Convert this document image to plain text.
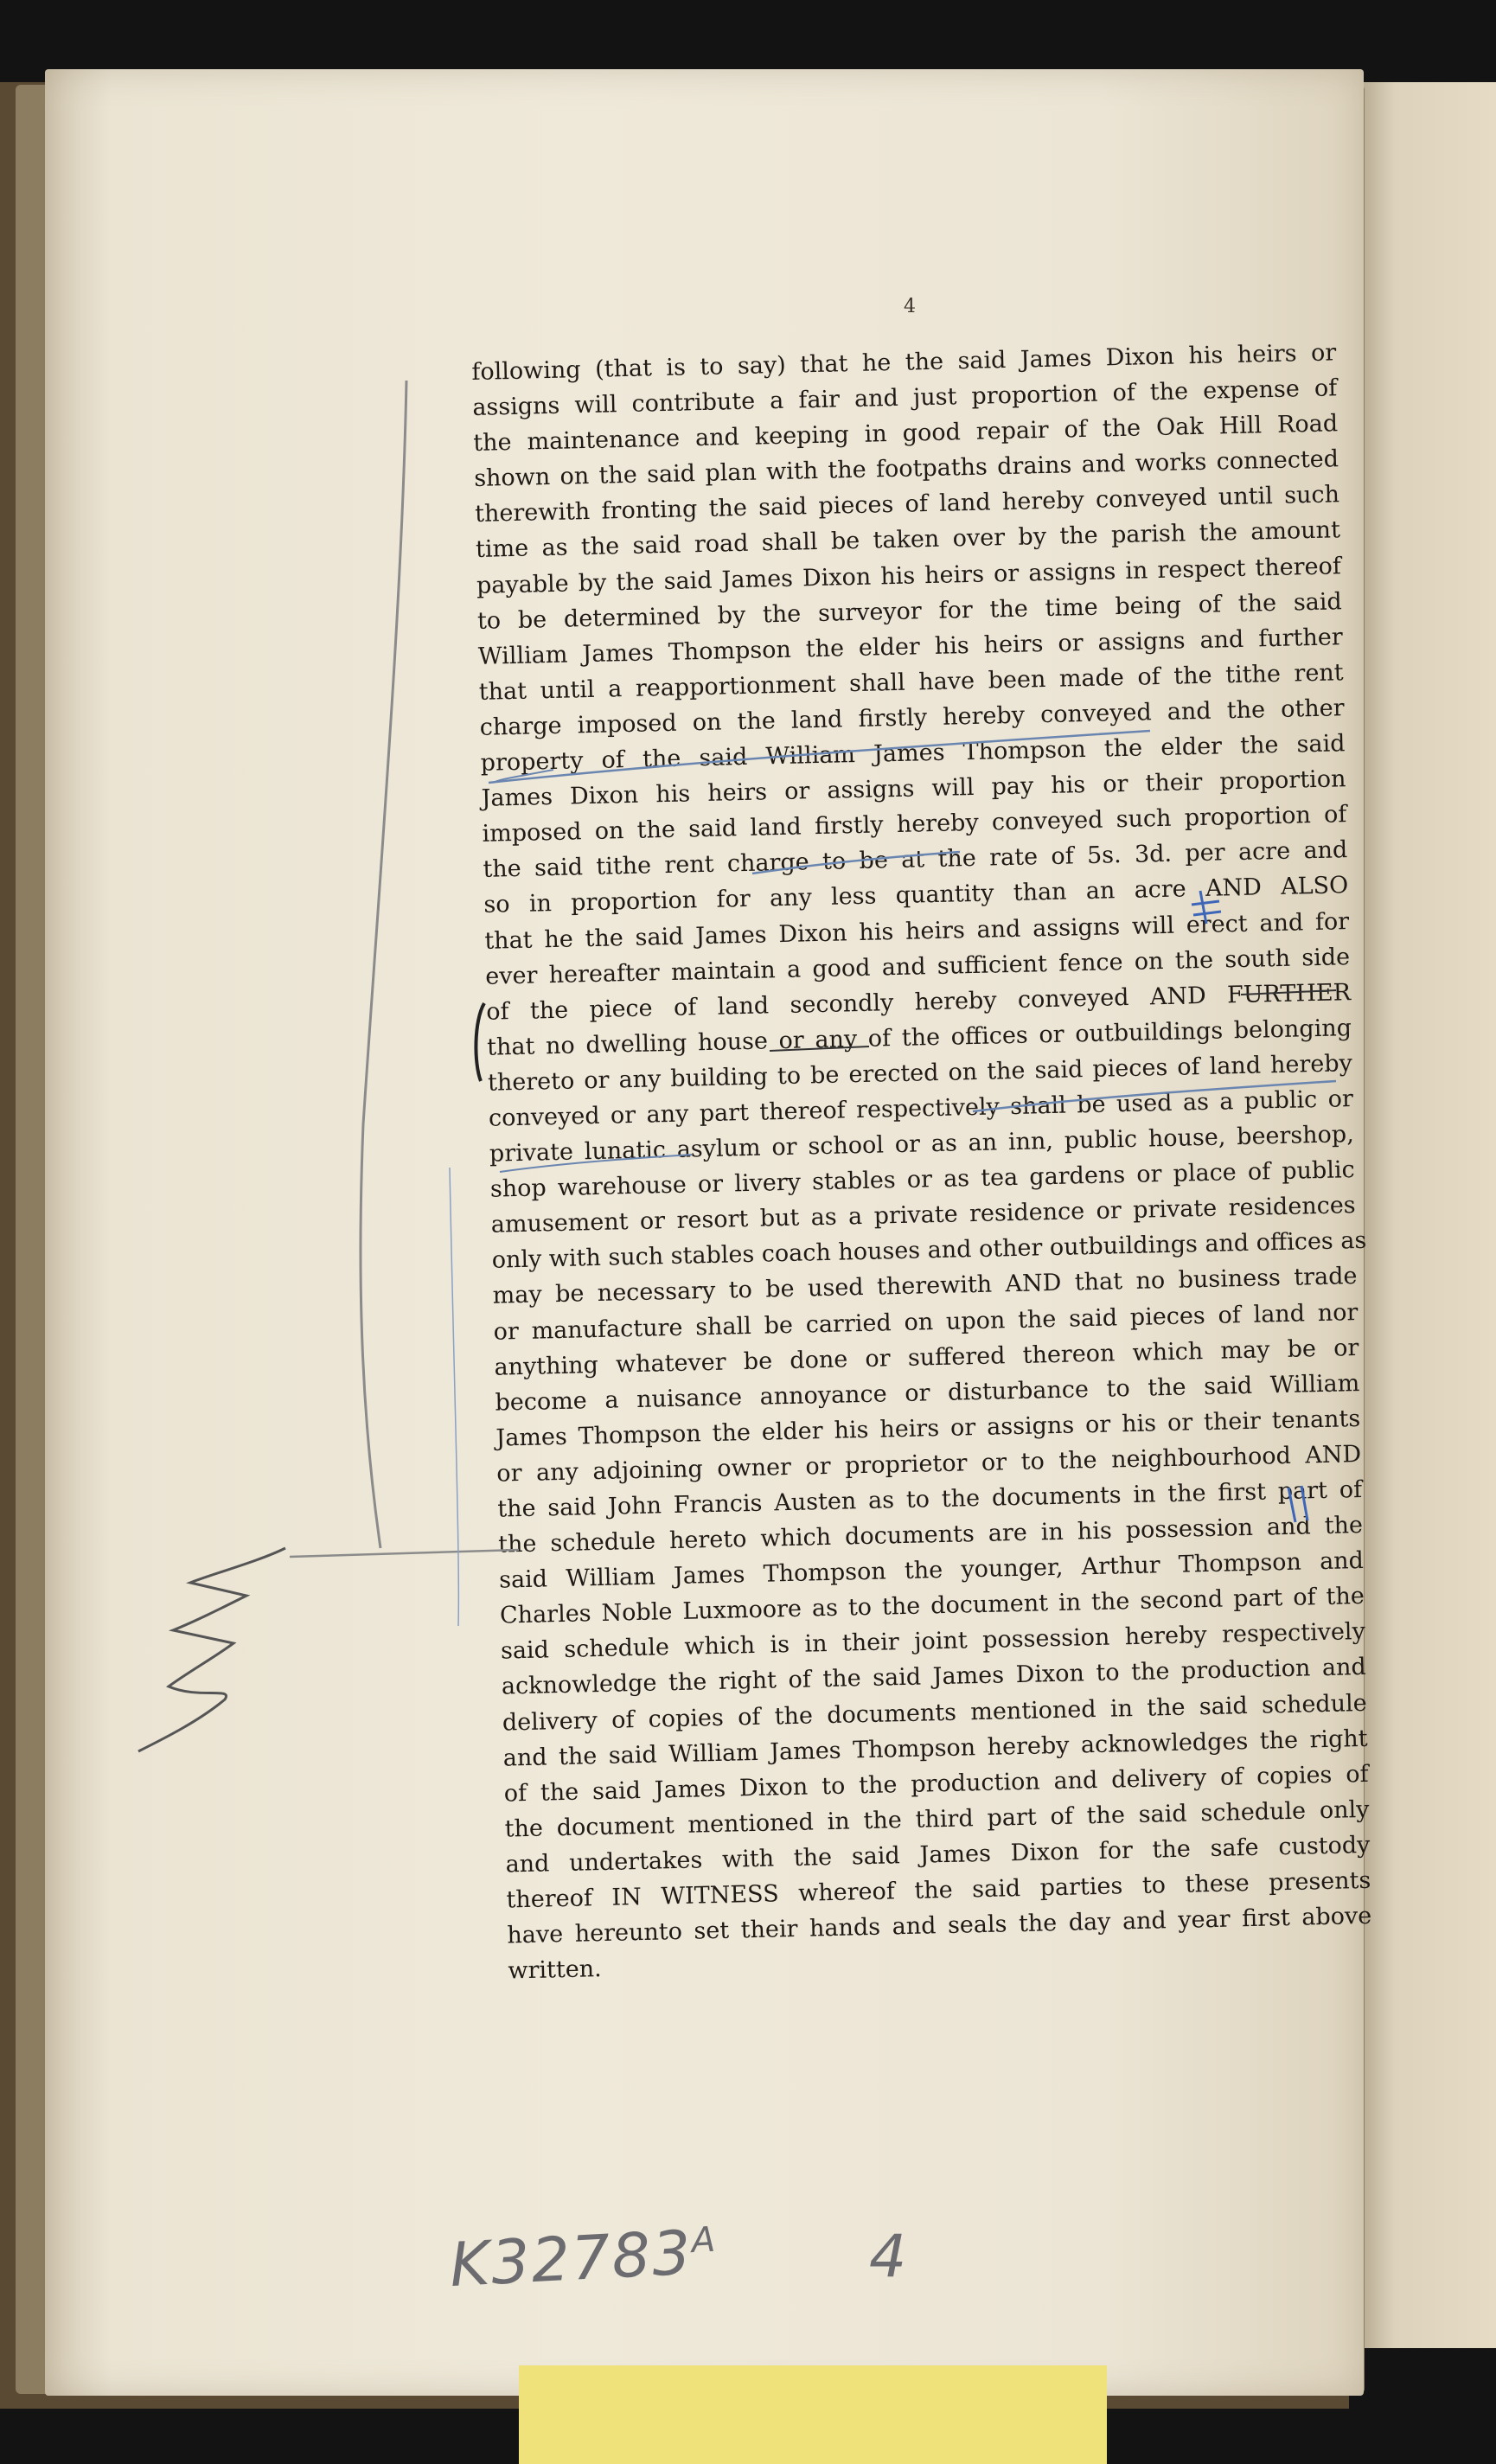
4
following (that is to say) that he the said James Dixon his heirs or
assigns will contribute a fair and just proportion of the expense of
the maintenance and keeping in good repair of the Oak Hill Road
shown on the said plan with the footpaths drains and works connected
therewith fronting the said pieces of land hereby conveyed until such
time as the said road shall be taken over by the parish the amount
payable by the said James Dixon his heirs or assigns in respect thereof
to be determined by the surveyor for the time being of the said
William James Thompson the elder his heirs or assigns and further
that until a reapportionment shall have been made of the tithe rent
charge imposed on the land firstly hereby conveyed and the other
property of the said William James Thompson the elder the said
James Dixon his heirs or assigns will pay his or their proportion
imposed on the said land firstly hereby conveyed such proportion of
the said tithe rent charge to be at the rate of 5s. 3d. per acre and
so in proportion for any less quantity than an acre AND ALSO
that he the said James Dixon his heirs and assigns will erect and for
ever hereafter maintain a good and sufficient fence on the south side
of the piece of land secondly hereby conveyed AND FURTHER
that no dwelling house or any of the offices or outbuildings belonging
thereto or any building to be erected on the said pieces of land hereby
conveyed or any part thereof respectively shall be used as a public or
private lunatic asylum or school or as an inn, public house, beershop,
shop warehouse or livery stables or as tea gardens or place of public
amusement or resort but as a private residence or private residences
only with such stables coach houses and other outbuildings and offices as
may be necessary to be used therewith AND that no business trade
or manufacture shall be carried on upon the said pieces of land nor
anything whatever be done or suffered thereon which may be or
become a nuisance annoyance or disturbance to the said William
James Thompson the elder his heirs or assigns or his or their tenants
or any adjoining owner or proprietor or to the neighbourhood AND
the said John Francis Austen as to the documents in the first part of
the schedule hereto which documents are in his possession and the
said William James Thompson the younger, Arthur Thompson and
Charles Noble Luxmoore as to the document in the second part of the
said schedule which is in their joint possession hereby respectively
acknowledge the right of the said James Dixon to the production and
delivery of copies of the documents mentioned in the said schedule
and the said William James Thompson hereby acknowledges the right
of the said James Dixon to the production and delivery of copies of
the document mentioned in the third part of the said schedule only
and undertakes with the said James Dixon for the safe custody
thereof IN WITNESS whereof the said parties to these presents
have hereunto set their hands and seals the day and year first above
written.
$K32783^A$	4
